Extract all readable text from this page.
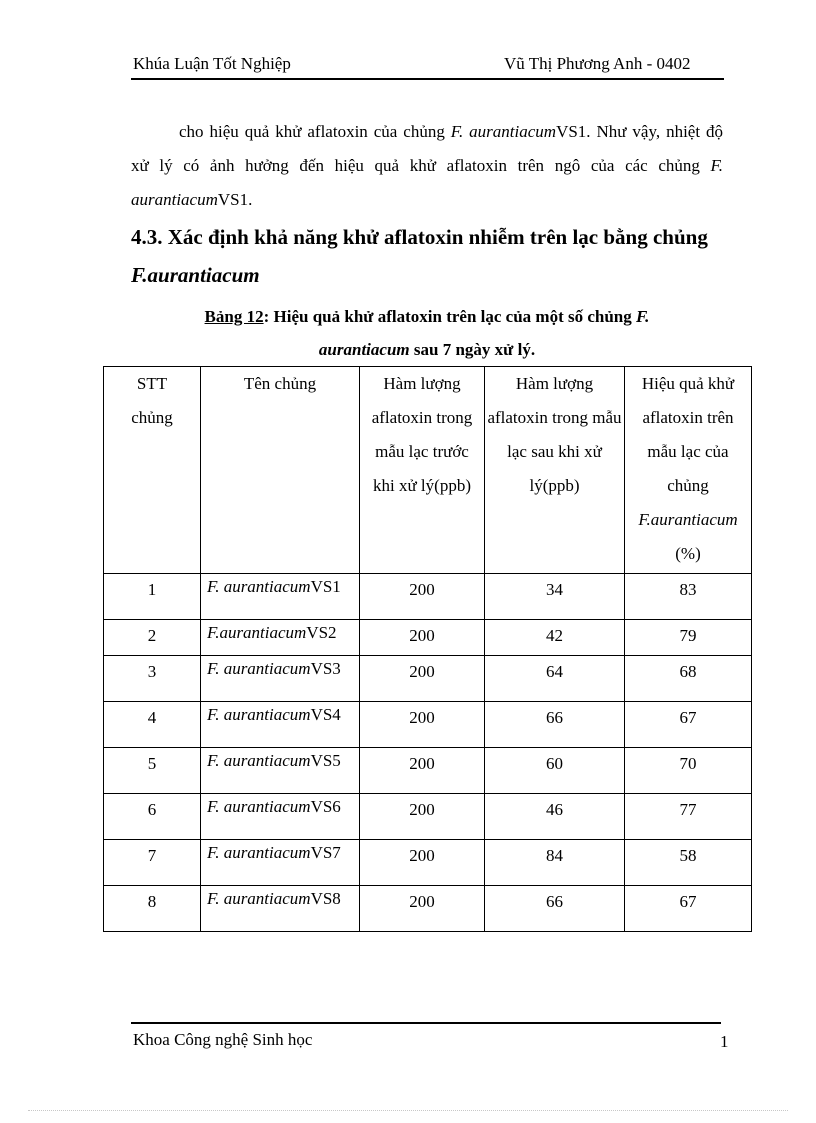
Khúa Luận Tốt Nghiệp	Vũ Thị Phương Anh - 0402
cho hiệu quả khử aflatoxin của chủng F. aurantiacumVS1. Như vậy, nhiệt độ xử lý có ảnh hưởng đến hiệu quả khử aflatoxin trên ngô của các chủng F. aurantiacumVS1.
4.3. Xác định khả năng khử aflatoxin nhiễm trên lạc bằng chủng
F.aurantiacum
Bảng 12: Hiệu quả khử aflatoxin trên lạc của một số chủng F.
aurantiacum sau 7 ngày xử lý.
STT chủng	Tên chủng	Hàm lượng aflatoxin trong mẫu lạc trước khi xử lý(ppb)	Hàm lượng aflatoxin trong mẫu lạc sau khi xử lý(ppb)	Hiệu quả khử aflatoxin trên mẫu lạc của chủng
F.aurantiacum
(%)
1	F. aurantiacumVS1	200	34	83
2	F.aurantiacumVS2	200	42	79
3	F. aurantiacumVS3	200	64	68
4	F. aurantiacumVS4	200	66	67
5	F. aurantiacumVS5	200	60	70
6	F. aurantiacumVS6	200	46	77
7	F. aurantiacumVS7	200	84	58
8	F. aurantiacumVS8	200	66	67
Khoa Công nghệ Sinh học	1
